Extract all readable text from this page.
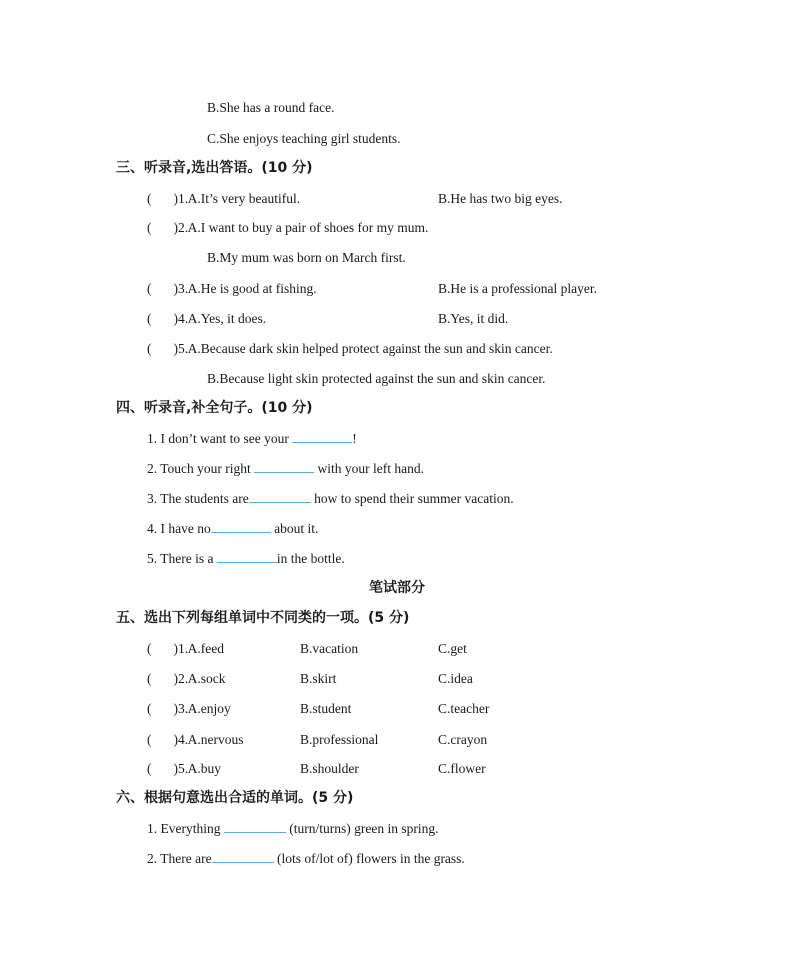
B.She has a round face.
C.She enjoys teaching girl students.
三、听录音,选出答语。(10 分)
( )1. A.It’s very beautiful.	B.He has two big eyes.
( )2. A.I want to buy a pair of shoes for my mum.
B.My mum was born on March first.
( )3. A.He is good at fishing.	B.He is a professional player.
( )4. A.Yes, it does.	B.Yes, it did.
( )5. A.Because dark skin helped protect against the sun and skin cancer.
B.Because light skin protected against the sun and skin cancer.
四、听录音,补全句子。(10 分)
1. I don’t want to see your	!
2. Touch your right	with your left hand.
3. The students are	how to spend their summer vacation.
4. I have no	about it.
5. There is a	in the bottle.
笔试部分
五、选出下列每组单词中不同类的一项。(5 分)
( )1. A.feed	B.vacation	C.get
( )2. A.sock	B.skirt	C.idea
( )3. A.enjoy	B.student	C.teacher
( )4. A.nervous	B.professional	C.crayon
( )5. A.buy	B.shoulder	C.flower
六、根据句意选出合适的单词。(5 分)
1. Everything	(turn/turns) green in spring.
2. There are	(lots of/lot of) flowers in the grass.
